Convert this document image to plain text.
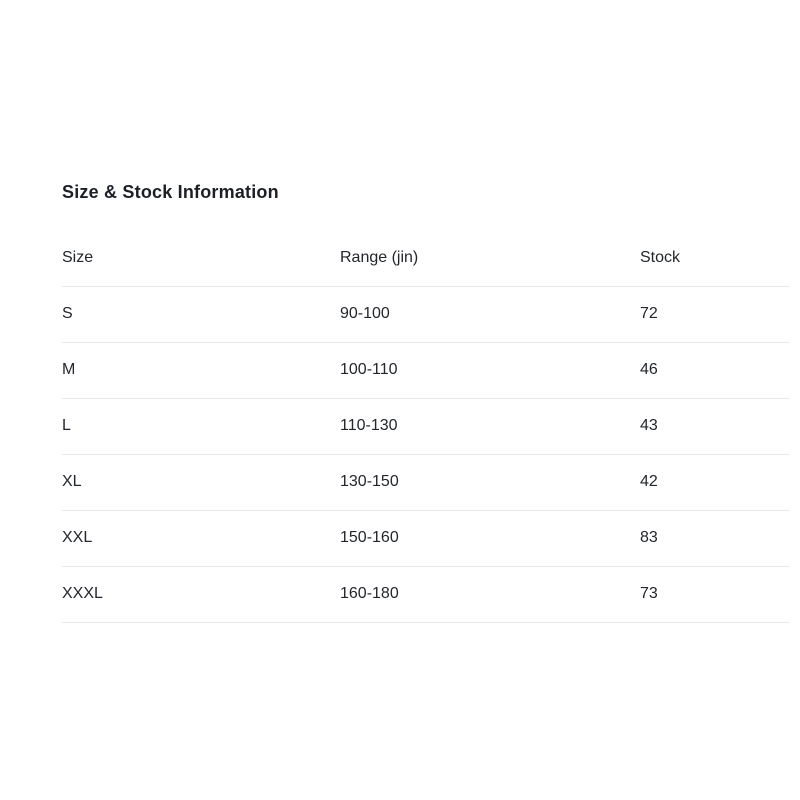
Size & Stock Information
Size	Range (jin)	Stock
S	90-100	72
M	100-110	46
L	110-130	43
XL	130-150	42
XXL	150-160	83
XXXL	160-180	73
